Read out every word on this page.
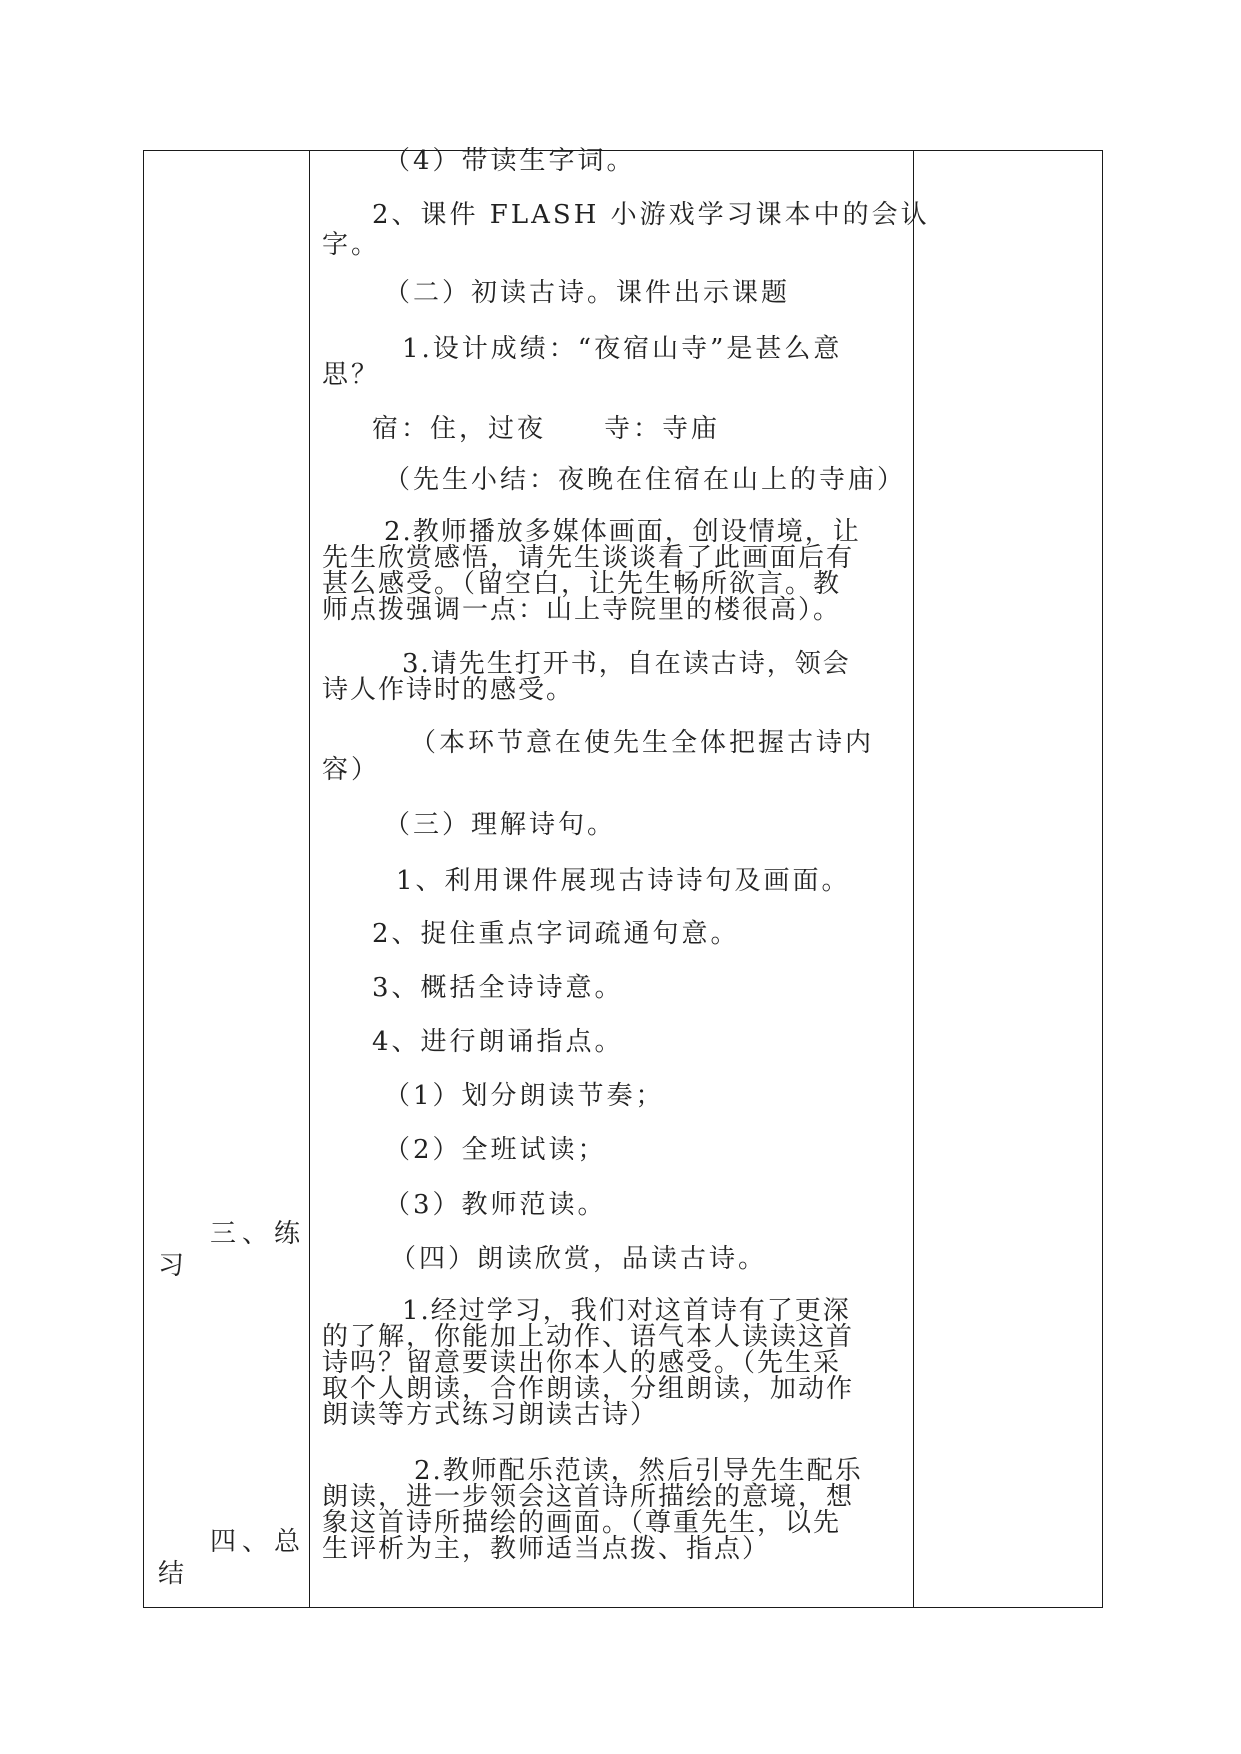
三、练
习
四、总
结
（4）带读生字词。
2、课件 FLASH 小游戏学习课本中的会认
字。
（二）初读古诗。课件出示课题
1.设计成绩：“夜宿山寺”是甚么意
思？
宿：住，过夜　　寺：寺庙
（先生小结：夜晚在住宿在山上的寺庙）
2.教师播放多媒体画面，创设情境，让
先生欣赏感悟，请先生谈谈看了此画面后有
甚么感受。（留空白，让先生畅所欲言。教
师点拨强调一点：山上寺院里的楼很高）。
3.请先生打开书，自在读古诗，领会
诗人作诗时的感受。
（本环节意在使先生全体把握古诗内
容）
（三）理解诗句。
1、利用课件展现古诗诗句及画面。
2、捉住重点字词疏通句意。
3、概括全诗诗意。
4、进行朗诵指点。
（1）划分朗读节奏；
（2）全班试读；
（3）教师范读。
（四）朗读欣赏，品读古诗。
1.经过学习，我们对这首诗有了更深
的了解，你能加上动作、语气本人读读这首
诗吗？留意要读出你本人的感受。（先生采
取个人朗读，合作朗读，分组朗读，加动作
朗读等方式练习朗读古诗）
2.教师配乐范读，然后引导先生配乐
朗读，进一步领会这首诗所描绘的意境，想
象这首诗所描绘的画面。（尊重先生，以先
生评析为主，教师适当点拨、指点）
